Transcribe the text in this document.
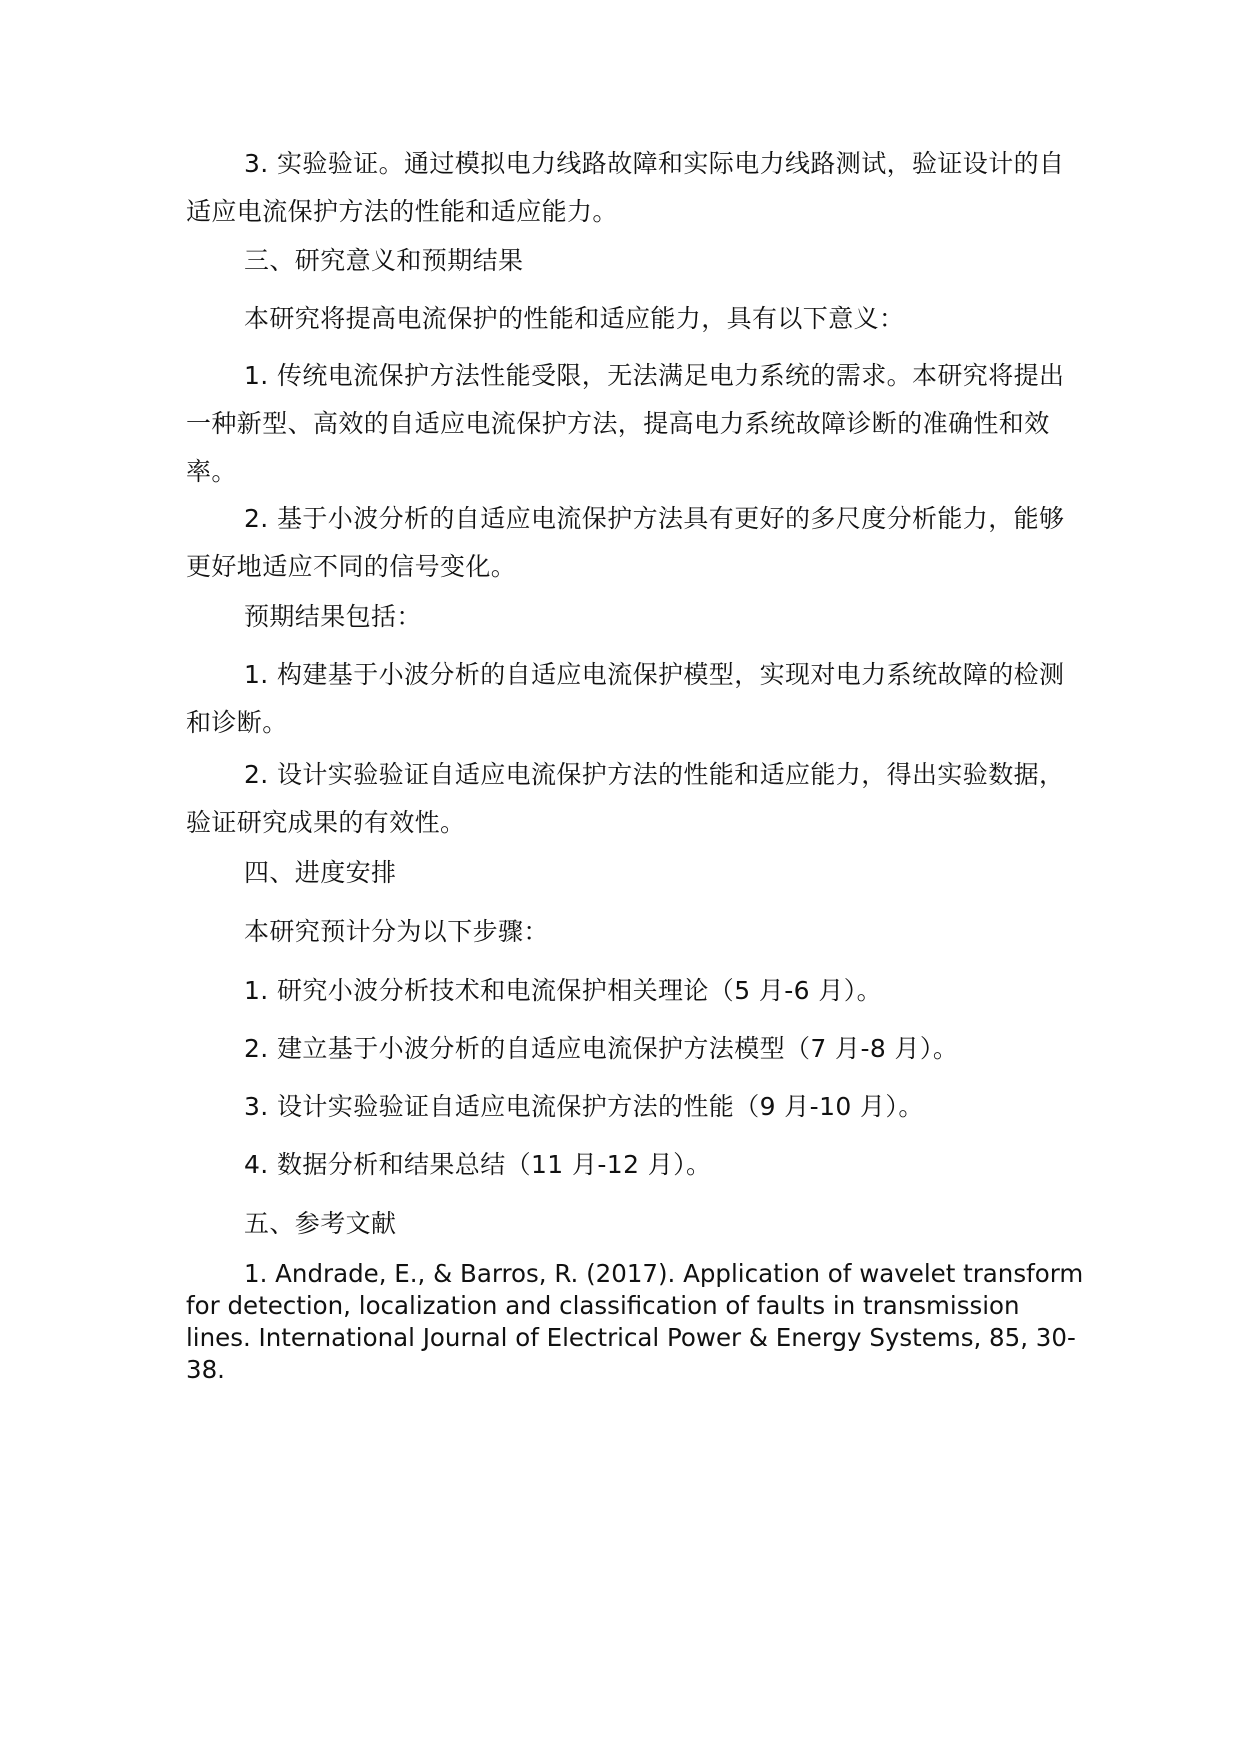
3. 实验验证。通过模拟电力线路故障和实际电力线路测试，验证设计的自适应电流保护方法的性能和适应能力。

三、研究意义和预期结果

本研究将提高电流保护的性能和适应能力，具有以下意义：

1. 传统电流保护方法性能受限，无法满足电力系统的需求。本研究将提出一种新型、高效的自适应电流保护方法，提高电力系统故障诊断的准确性和效率。

2. 基于小波分析的自适应电流保护方法具有更好的多尺度分析能力，能够更好地适应不同的信号变化。

预期结果包括：

1. 构建基于小波分析的自适应电流保护模型，实现对电力系统故障的检测和诊断。

2. 设计实验验证自适应电流保护方法的性能和适应能力，得出实验数据，验证研究成果的有效性。

四、进度安排

本研究预计分为以下步骤：

1. 研究小波分析技术和电流保护相关理论（5 月-6 月）。

2. 建立基于小波分析的自适应电流保护方法模型（7 月-8 月）。

3. 设计实验验证自适应电流保护方法的性能（9 月-10 月）。

4. 数据分析和结果总结（11 月-12 月）。

五、参考文献

1. Andrade, E., & Barros, R. (2017). Application of wavelet transform for detection, localization and classification of faults in transmission lines. International Journal of Electrical Power & Energy Systems, 85, 30-38.
